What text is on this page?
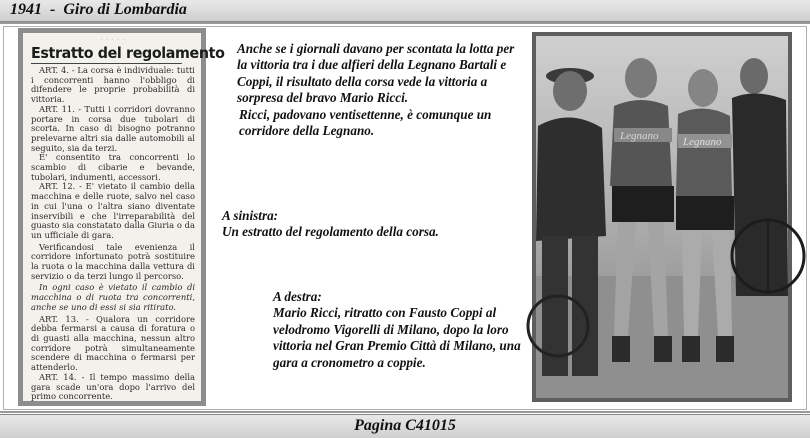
1941  -  Giro di Lombardia
· · · · ·
Estratto del regolamento

ART. 4. - La corsa è individuale: tutti i concorrenti hanno l'obbligo di difendere le proprie probabilità di vittoria.

ART. 11. - Tutti i corridori dovranno portare in corsa due tubolari di scorta. In caso di bisogno potranno prelevarne altri sia dalle automobili al seguito, sia da terzi.

E' consentito tra concorrenti lo scambio di cibarie e bevande, tubolari, indumenti, accessori.

ART. 12. - E' vietato il cambio della macchina e delle ruote, salvo nel caso in cui l'una o l'altra siano diventate inservibili e che l'irreparabilità del guasto sia constatato dalla Giuria o da un ufficiale di gara.

Verificandosi tale evenienza il corridore infortunato potrà sostituire la ruota o la macchina dalla vettura di servizio o da terzi lungo il percorso.

In ogni caso è vietato il cambio di macchina o di ruota tra concorrenti, anche se uno di essi si sia ritirato.

ART. 13. - Qualora un corridore debba fermarsi a causa di foratura o di guasti alla macchina, nessun altro corridore potrà simultaneamente scendere di macchina o fermarsi per attenderlo.

ART. 14. - Il tempo massimo della gara scade un'ora dopo l'arrivo del primo concorrente.

Anche se i giornali davano per scontata la lotta per la vittoria tra i due alfieri della Legnano Bartali e Coppi, il risultato della corsa vede la vittoria a sorpresa del bravo Mario Ricci.
Ricci, padovano ventisettenne, è comunque un corridore della Legnano.
A sinistra:
Un estratto del regolamento della corsa.
A destra:
Mario Ricci, ritratto con Fausto Coppi al velodromo Vigorelli di Milano, dopo la loro vittoria nel Gran Premio Città di Milano, una gara a cronometro a coppie.
Legnano Legnano
Pagina C41015
